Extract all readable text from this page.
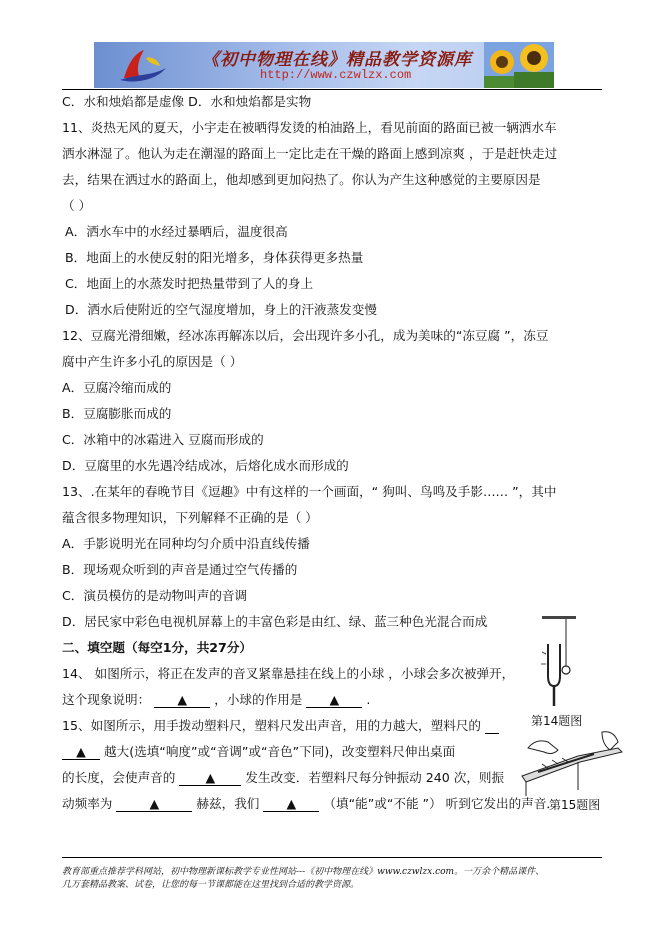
《初中物理在线》精品教学资源库
http://www.czwlzx.com
C．水和烛焰都是虚像 D．水和烛焰都是实物
11、炎热无风的夏天，小宇走在被晒得发烫的柏油路上，看见前面的路面已被一辆洒水车
洒水淋湿了。他认为走在潮湿的路面上一定比走在干燥的路面上感到凉爽 ，于是赶快走过
去，结果在洒过水的路面上，他却感到更加闷热了。你认为产生这种感觉的主要原因是
（ ）
A．洒水车中的水经过暴晒后，温度很高
B．地面上的水使反射的阳光增多，身体获得更多热量
C．地面上的水蒸发时把热量带到了人的身上
D．洒水后使附近的空气湿度增加，身上的汗液蒸发变慢
12、豆腐光滑细嫩，经冰冻再解冻以后，会出现许多小孔，成为美味的“冻豆腐 ”，冻豆
腐中产生许多小孔的原因是（ ）
A．豆腐冷缩而成的
B．豆腐膨胀而成的
C．冰箱中的冰霜进入 豆腐而形成的
D．豆腐里的水先遇冷结成冰，后熔化成水而形成的
13、.在某年的春晚节目《逗趣》中有这样的一个画面，“ 狗叫、鸟鸣及手影…… ”，其中
蕴含很多物理知识，下列解释不正确的是（ ）
A．手影说明光在同种均匀介质中沿直线传播
B．现场观众听到的声音是通过空气传播的
C．演员模仿的是动物叫声的音调
D．居民家中彩色电视机屏幕上的丰富色彩是由红、绿、蓝三种色光混合而成
二、填空题（每空1分，共27分）
14、 如图所示，将正在发声的音叉紧靠悬挂在线上的小球 ，小球会多次被弹开，
这个现象说明： ▲ ，小球的作用是 ▲ .
15、如图所示，用手拨动塑料尺，塑料尺发出声音，用的力越大，塑料尺的
▲ 越大(选填“响度”或“音调”或“音色”下同)，改变塑料尺伸出桌面
的长度，会使声音的 ▲ 发生改变．若塑料尺每分钟振动 240 次，则振
动频率为	▲	赫兹，我们 ▲ （填“能”或“不能 ”） 听到它发出的声音．
第14题图
第15题图
教育部重点推荐学科网站，初中物理新课标教学专业性网站---《初中物理在线》www.czwlzx.com。一万余个精品课件、
几万套精品教案、试卷，让您的每一节课都能在这里找到合适的教学资源。
